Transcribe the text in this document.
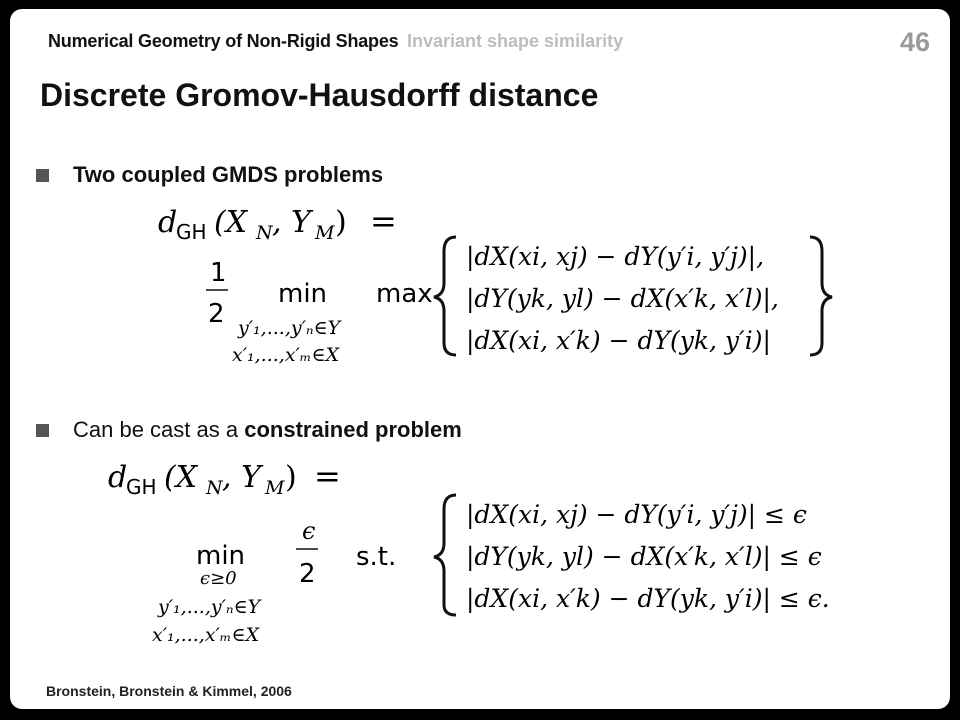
Numerical Geometry of Non-Rigid Shapes Invariant shape similarity	46
Discrete Gromov-Hausdorff distance
Two coupled GMDS problems
Can be cast as a constrained problem
d
GH (X N , Y M ) =
1
2
min
y′₁,...,y′ₙ∈Y
x′₁,...,x′ₘ∈X
max
|dX(xi, xj) − dY(y′i, y′j)|,
|dY(yk, yl) − dX(x′k, x′l)|,
|dX(xi, x′k) − dY(yk, y′i)|
d
GH (X N , Y M ) =
min
ϵ≥0
y′₁,...,y′ₙ∈Y
x′₁,...,x′ₘ∈X
ϵ
2
s.t.
|dX(xi, xj) − dY(y′i, y′j)| ≤ ϵ
|dY(yk, yl) − dX(x′k, x′l)| ≤ ϵ
|dX(xi, x′k) − dY(yk, y′i)| ≤ ϵ.
Bronstein, Bronstein & Kimmel, 2006
